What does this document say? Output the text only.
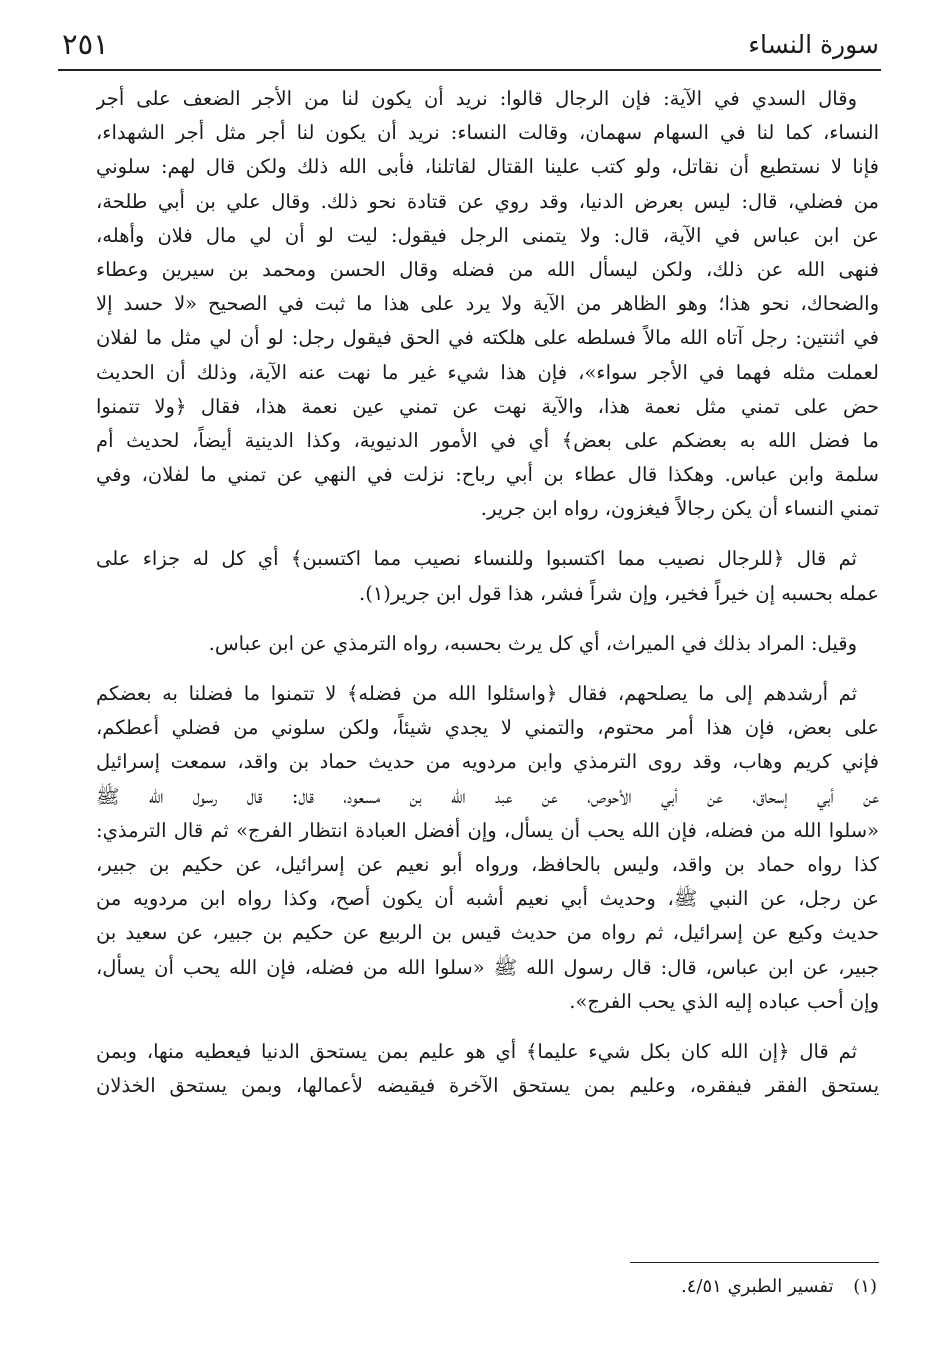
سورة النساء
٢٥١
وقال السدي في الآية: فإن الرجال قالوا: نريد أن يكون لنا من الأجر الضعف على أجر
النساء، كما لنا في السهام سهمان، وقالت النساء: نريد أن يكون لنا أجر مثل أجر الشهداء،
فإنا لا نستطيع أن نقاتل، ولو كتب علينا القتال لقاتلنا، فأبى الله ذلك ولكن قال لهم: سلوني
من فضلي، قال: ليس بعرض الدنيا، وقد روي عن قتادة نحو ذلك. وقال علي بن أبي طلحة،
عن ابن عباس في الآية، قال: ولا يتمنى الرجل فيقول: ليت لو أن لي مال فلان وأهله،
فنهى الله عن ذلك، ولكن ليسأل الله من فضله وقال الحسن ومحمد بن سيرين وعطاء
والضحاك، نحو هذا؛ وهو الظاهر من الآية ولا يرد على هذا ما ثبت في الصحيح «لا حسد إلا
في اثنتين: رجل آتاه الله مالاً فسلطه على هلكته في الحق فيقول رجل: لو أن لي مثل ما لفلان
لعملت مثله فهما في الأجر سواء»، فإن هذا شيء غير ما نهت عنه الآية، وذلك أن الحديث
حض على تمني مثل نعمة هذا، والآية نهت عن تمني عين نعمة هذا، فقال ﴿ولا تتمنوا
ما فضل الله به بعضكم على بعض﴾ أي في الأمور الدنيوية، وكذا الدينية أيضاً، لحديث أم
سلمة وابن عباس. وهكذا قال عطاء بن أبي رباح: نزلت في النهي عن تمني ما لفلان، وفي
تمني النساء أن يكن رجالاً فيغزون، رواه ابن جرير.
ثم قال ﴿للرجال نصيب مما اكتسبوا وللنساء نصيب مما اكتسبن﴾ أي كل له جزاء على
عمله بحسبه إن خيراً فخير، وإن شراً فشر، هذا قول ابن جرير(١).
وقيل: المراد بذلك في الميراث، أي كل يرث بحسبه، رواه الترمذي عن ابن عباس.
ثم أرشدهم إلى ما يصلحهم، فقال ﴿واسئلوا الله من فضله﴾ لا تتمنوا ما فضلنا به بعضكم
على بعض، فإن هذا أمر محتوم، والتمني لا يجدي شيئاً، ولكن سلوني من فضلي أعطكم،
فإني كريم وهاب، وقد روى الترمذي وابن مردويه من حديث حماد بن واقد، سمعت إسرائيل
عن أبي إسحاق، عن أبي الأحوص، عن عبد الله بن مسعود، قال: قال رسول الله ﷺ
«سلوا الله من فضله، فإن الله يحب أن يسأل، وإن أفضل العبادة انتظار الفرج» ثم قال الترمذي:
كذا رواه حماد بن واقد، وليس بالحافظ، ورواه أبو نعيم عن إسرائيل، عن حكيم بن جبير،
عن رجل، عن النبي ﷺ، وحديث أبي نعيم أشبه أن يكون أصح، وكذا رواه ابن مردويه من
حديث وكيع عن إسرائيل، ثم رواه من حديث قيس بن الربيع عن حكيم بن جبير، عن سعيد بن
جبير، عن ابن عباس، قال: قال رسول الله ﷺ «سلوا الله من فضله، فإن الله يحب أن يسأل،
وإن أحب عباده إليه الذي يحب الفرج».
ثم قال ﴿إن الله كان بكل شيء عليما﴾ أي هو عليم بمن يستحق الدنيا فيعطيه منها، وبمن
يستحق الفقر فيفقره، وعليم بمن يستحق الآخرة فيقيضه لأعمالها، وبمن يستحق الخذلان
(١) تفسير الطبري ٤/٥١.
